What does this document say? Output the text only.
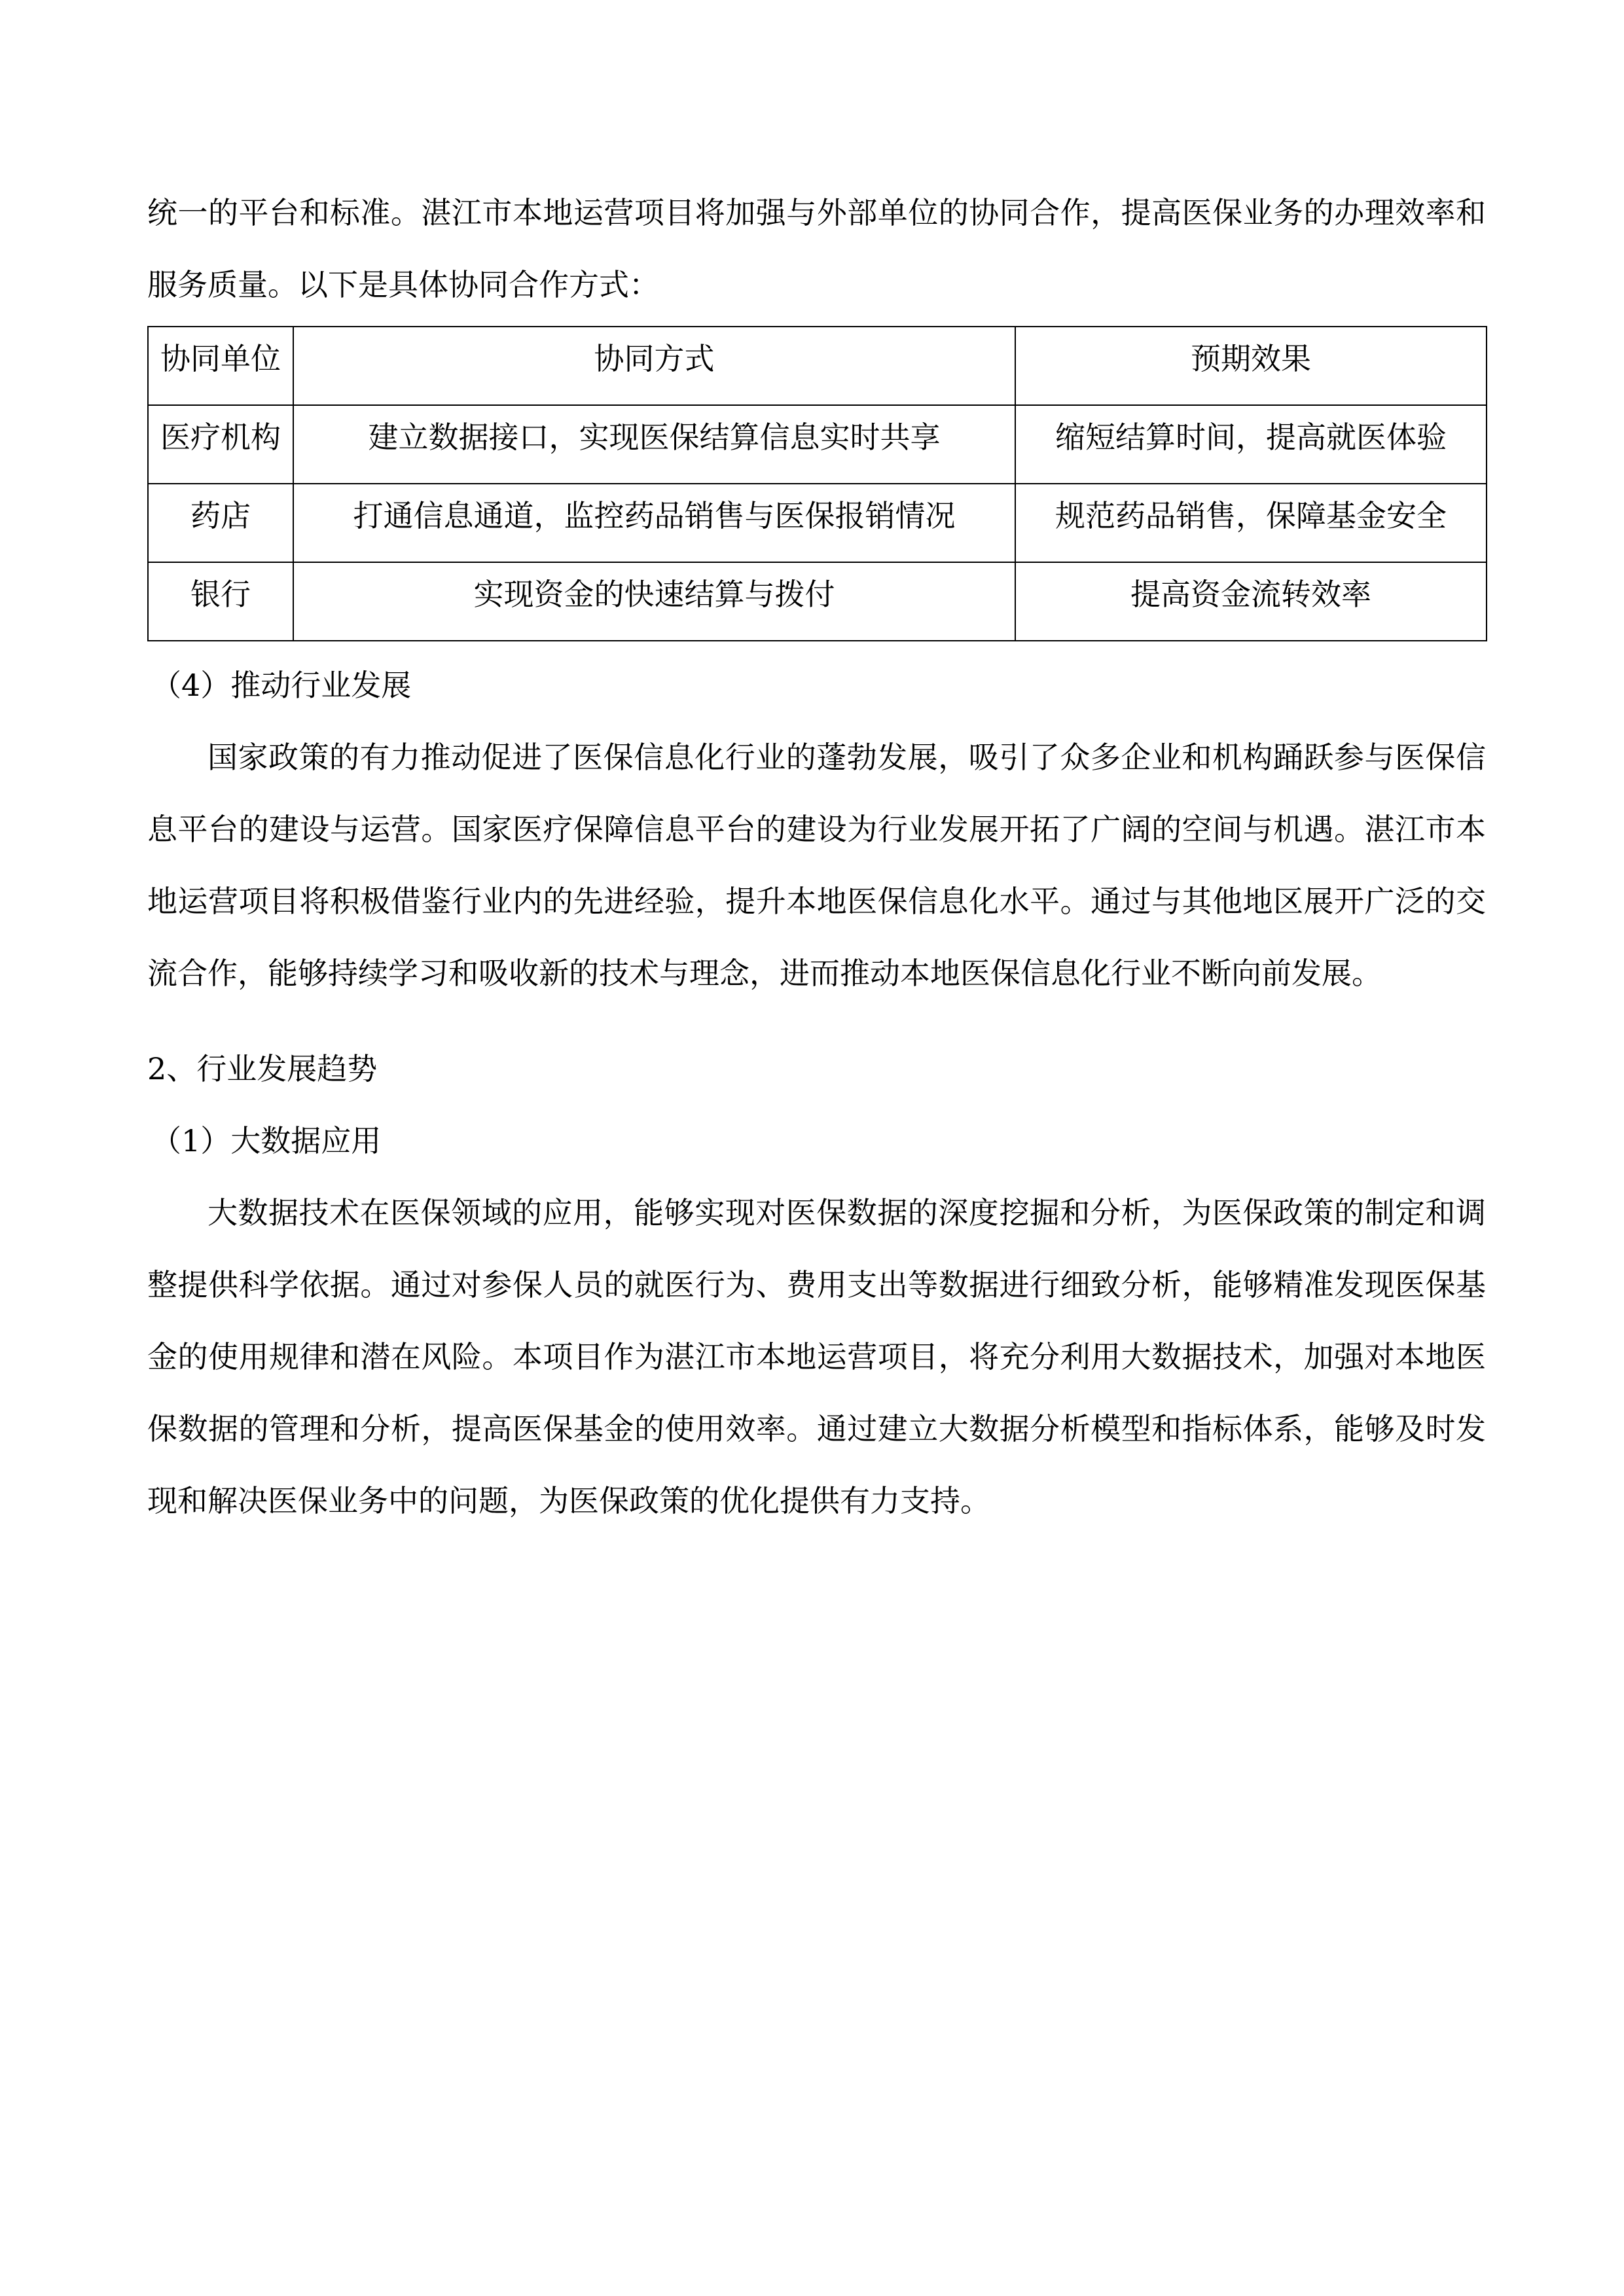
统一的平台和标准。湛江市本地运营项目将加强与外部单位的协同合作，提高医保业务的办理效率和服务质量。以下是具体协同合作方式：

协同单位	协同方式	预期效果
医疗机构	建立数据接口，实现医保结算信息实时共享	缩短结算时间，提高就医体验
药店	打通信息通道，监控药品销售与医保报销情况	规范药品销售，保障基金安全
银行	实现资金的快速结算与拨付	提高资金流转效率

（4）推动行业发展

国家政策的有力推动促进了医保信息化行业的蓬勃发展，吸引了众多企业和机构踊跃参与医保信息平台的建设与运营。国家医疗保障信息平台的建设为行业发展开拓了广阔的空间与机遇。湛江市本地运营项目将积极借鉴行业内的先进经验，提升本地医保信息化水平。通过与其他地区展开广泛的交流合作，能够持续学习和吸收新的技术与理念，进而推动本地医保信息化行业不断向前发展。

2、行业发展趋势

（1）大数据应用

大数据技术在医保领域的应用，能够实现对医保数据的深度挖掘和分析，为医保政策的制定和调整提供科学依据。通过对参保人员的就医行为、费用支出等数据进行细致分析，能够精准发现医保基金的使用规律和潜在风险。本项目作为湛江市本地运营项目，将充分利用大数据技术，加强对本地医保数据的管理和分析，提高医保基金的使用效率。通过建立大数据分析模型和指标体系，能够及时发现和解决医保业务中的问题，为医保政策的优化提供有力支持。
